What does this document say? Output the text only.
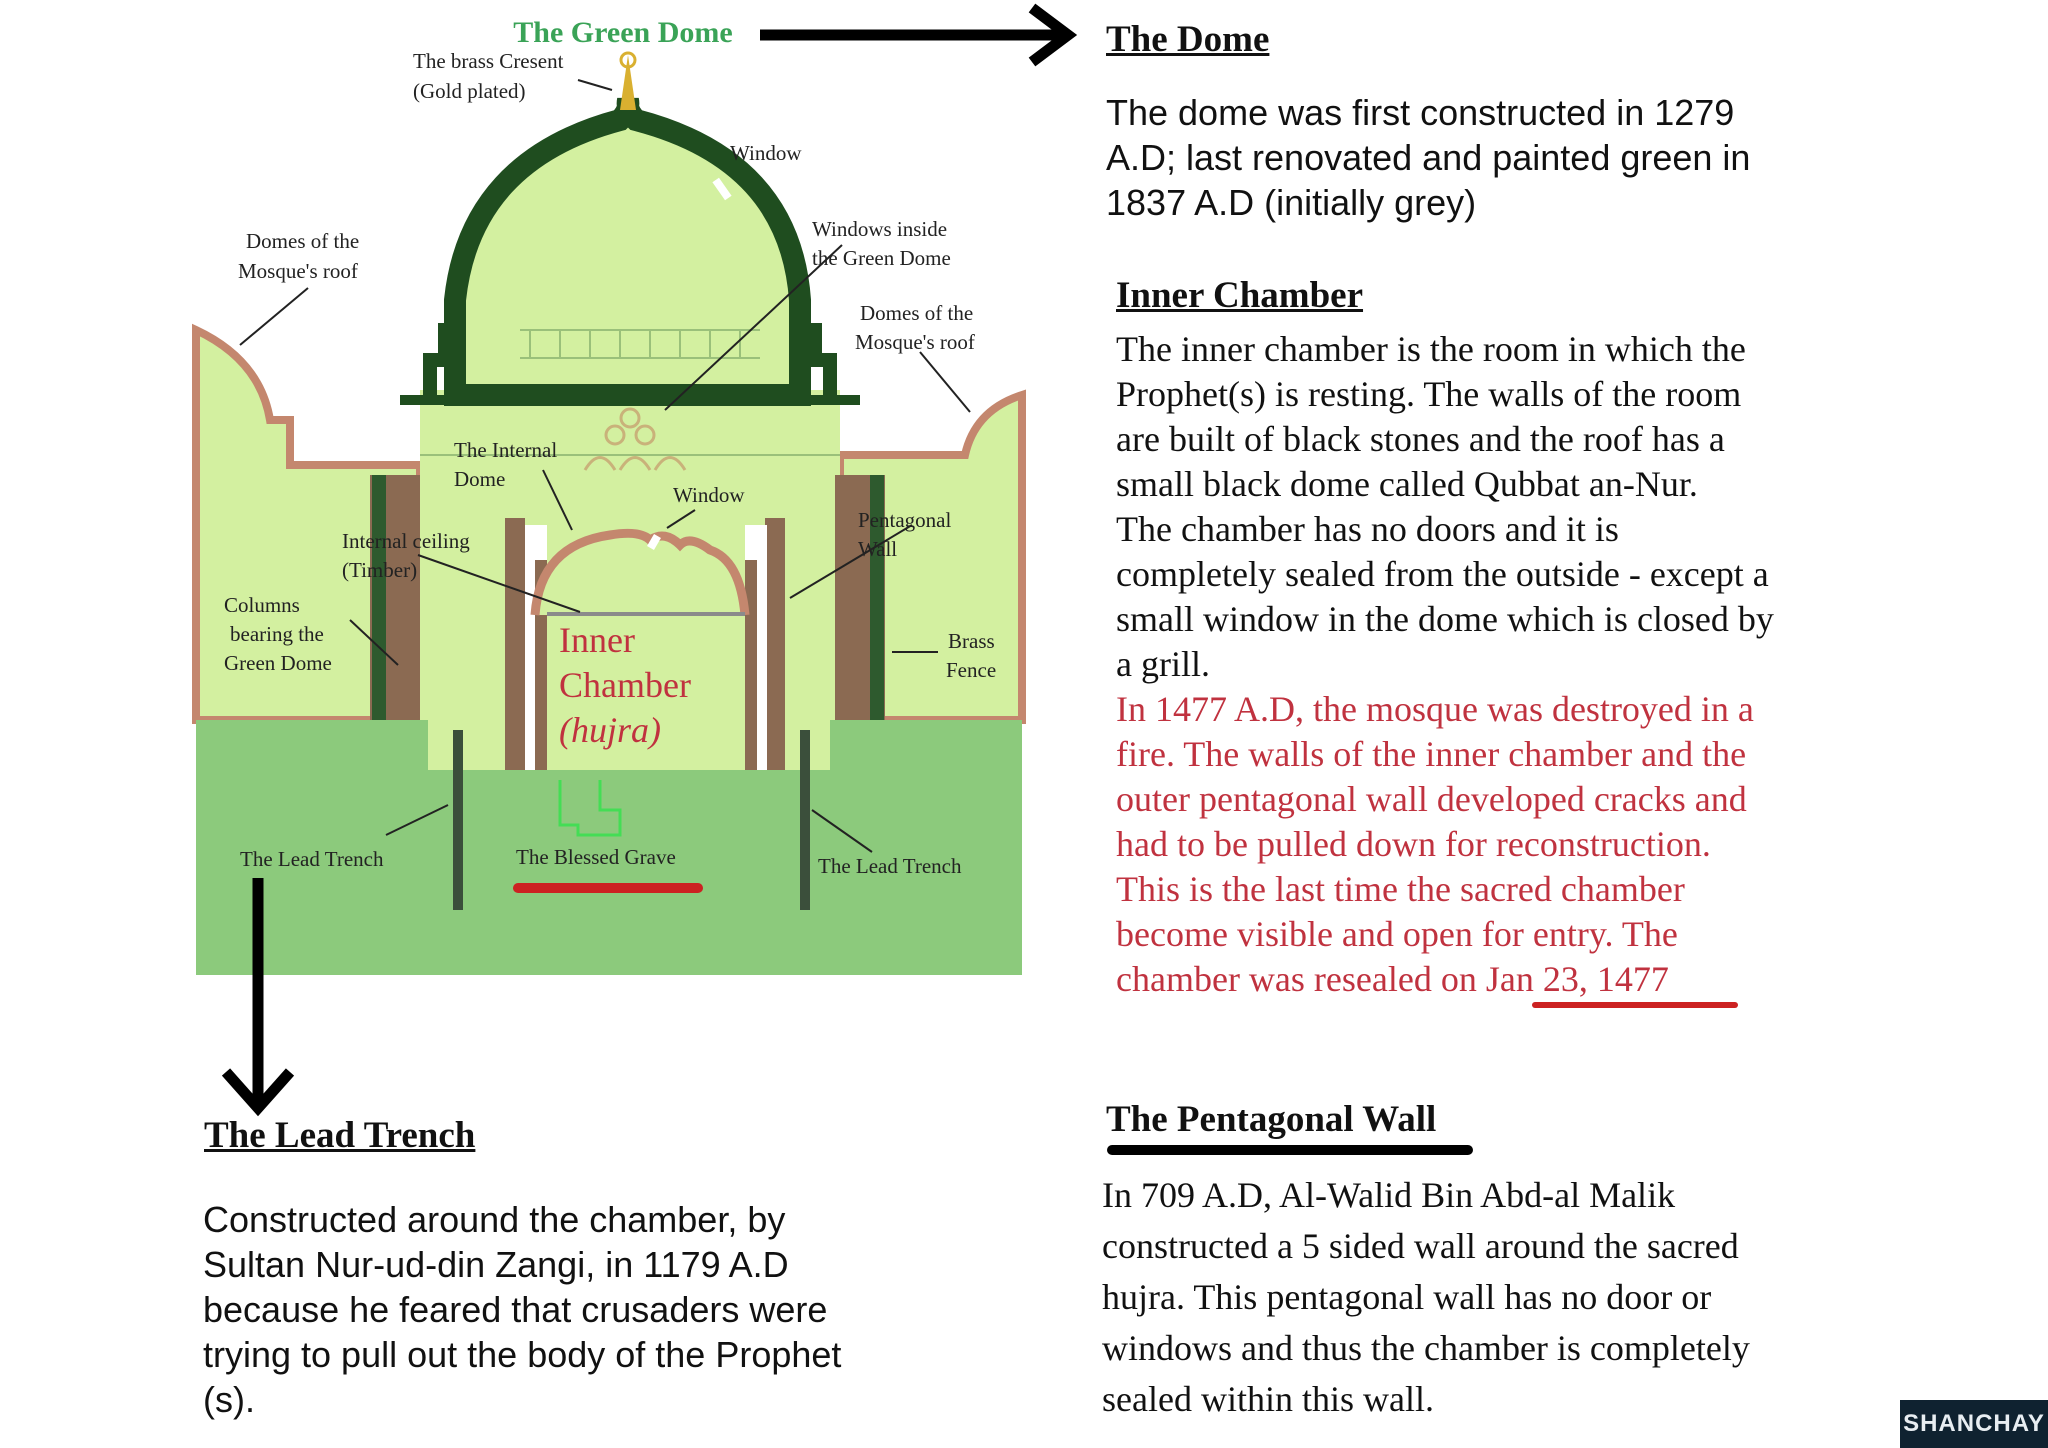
The Green Dome
The brass Cresent
(Gold plated)
Window
Windows inside
the Green Dome
Domes of the
Mosque's roof
Domes of the
Mosque's roof
The Internal
Dome
Window
Pentagonal
Wall
Internal ceiling
(Timber)
Columns
bearing the
Green Dome
Brass
Fence
Inner
Chamber
(hujra)
The Lead Trench	The Blessed Grave	The Lead Trench
The Dome
The dome was first constructed in 1279
A.D; last renovated and painted green in
1837 A.D (initially grey)
Inner Chamber
The inner chamber is the room in which the
Prophet(s) is resting. The walls of the room
are built of black stones and the roof has a
small black dome called Qubbat an-Nur.
The chamber has no doors and it is
completely sealed from the outside - except a
small window in the dome which is closed by
a grill.
In 1477 A.D, the mosque was destroyed in a
fire. The walls of the inner chamber and the
outer pentagonal wall developed cracks and
had to be pulled down for reconstruction.
This is the last time the sacred chamber
become visible and open for entry. The
chamber was resealed on Jan 23, 1477
The Lead Trench
Constructed around the chamber, by
Sultan Nur-ud-din Zangi, in 1179 A.D
because he feared that crusaders were
trying to pull out the body of the Prophet
(s).
The Pentagonal Wall
In 709 A.D, Al-Walid Bin Abd-al Malik
constructed a 5 sided wall around the sacred
hujra. This pentagonal wall has no door or
windows and thus the chamber is completely
sealed within this wall.
SHANCHAY
